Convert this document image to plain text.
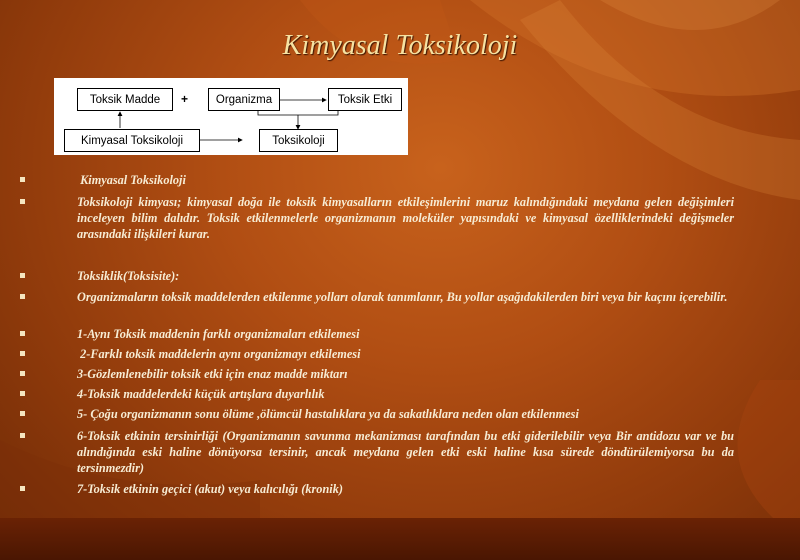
Kimyasal Toksikoloji
Toksik Madde	+	Organizma	Toksik Etki
Kimyasal Toksikoloji	Toksikoloji
Kimyasal Toksikoloji
Toksikoloji kimyası; kimyasal doğa ile toksik kimyasalların etkileşimlerini maruz kalındığındaki meydana gelen değişimleri inceleyen bilim dalıdır. Toksik etkilenmelerle organizmanın moleküler yapısındaki ve kimyasal özelliklerindeki değişmeler arasındaki ilişkileri kurar.
Toksiklik(Toksisite):
Organizmaların toksik maddelerden etkilenme yolları olarak tanımlanır, Bu yollar aşağıdakilerden biri veya bir kaçını içerebilir.
1-Aynı Toksik maddenin farklı organizmaları etkilemesi
2-Farklı toksik maddelerin aynı organizmayı etkilemesi
3-Gözlemlenebilir toksik etki için enaz madde miktarı
4-Toksik maddelerdeki küçük artışlara duyarlılık
5- Çoğu organizmanın sonu ölüme ,ölümcül hastalıklara ya da sakatlıklara neden olan etkilenmesi
6-Toksik etkinin tersinirliği (Organizmanın savunma mekanizması tarafından bu etki giderilebilir veya Bir antidozu var ve bu alındığında eski haline dönüyorsa tersinir, ancak meydana gelen etki eski haline kısa sürede döndürülemiyorsa bu da tersinmezdir)
7-Toksik etkinin geçici (akut) veya kalıcılığı (kronik)
